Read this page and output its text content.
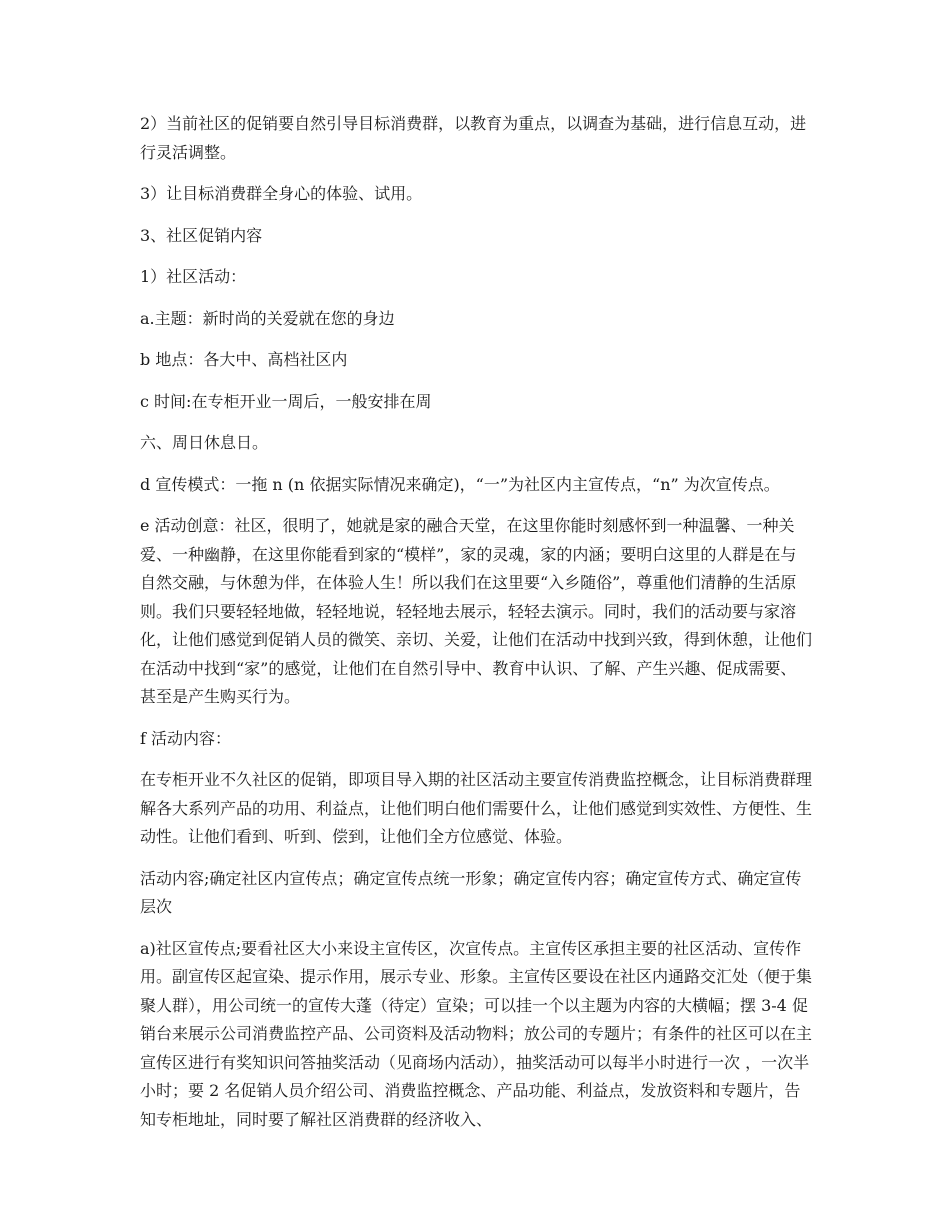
2）当前社区的促销要自然引导目标消费群，以教育为重点，以调查为基础，进行信息互动，进行灵活调整。

3）让目标消费群全身心的体验、试用。

3、社区促销内容

1）社区活动：

a.主题：新时尚的关爱就在您的身边

b 地点：各大中、高档社区内

c 时间:在专柜开业一周后，一般安排在周

六、周日休息日。

d 宣传模式：一拖 n (n 依据实际情况来确定)，“一”为社区内主宣传点，“n” 为次宣传点。

e 活动创意：社区，很明了，她就是家的融合天堂，在这里你能时刻感怀到一种温馨、一种关爱、一种幽静，在这里你能看到家的“模样”，家的灵魂，家的内涵；要明白这里的人群是在与自然交融，与休憩为伴，在体验人生！所以我们在这里要“入乡随俗”，尊重他们清静的生活原则。我们只要轻轻地做，轻轻地说，轻轻地去展示，轻轻去演示。同时，我们的活动要与家溶化，让他们感觉到促销人员的微笑、亲切、关爱，让他们在活动中找到兴致，得到休憩，让他们在活动中找到“家”的感觉，让他们在自然引导中、教育中认识、了解、产生兴趣、促成需要、甚至是产生购买行为。

f 活动内容：

在专柜开业不久社区的促销，即项目导入期的社区活动主要宣传消费监控概念，让目标消费群理解各大系列产品的功用、利益点，让他们明白他们需要什么，让他们感觉到实效性、方便性、生动性。让他们看到、听到、偿到，让他们全方位感觉、体验。

活动内容;确定社区内宣传点；确定宣传点统一形象；确定宣传内容；确定宣传方式、确定宣传层次

a)社区宣传点;要看社区大小来设主宣传区，次宣传点。主宣传区承担主要的社区活动、宣传作用。副宣传区起宣染、提示作用，展示专业、形象。主宣传区要设在社区内通路交汇处（便于集聚人群），用公司统一的宣传大蓬（待定）宣染；可以挂一个以主题为内容的大横幅；摆 3-4 促销台来展示公司消费监控产品、公司资料及活动物料；放公司的专题片；有条件的社区可以在主宣传区进行有奖知识问答抽奖活动（见商场内活动），抽奖活动可以每半小时进行一次 ，一次半小时；要 2 名促销人员介绍公司、消费监控概念、产品功能、利益点，发放资料和专题片，告知专柜地址，同时要了解社区消费群的经济收入、
